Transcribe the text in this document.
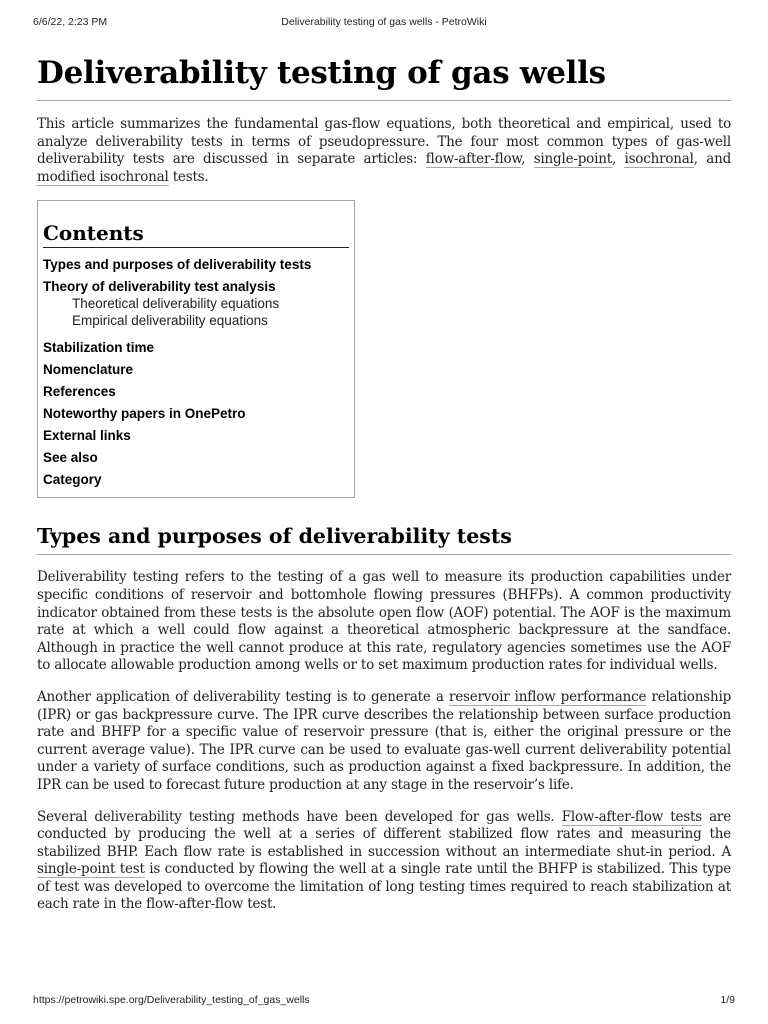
6/6/22, 2:23 PM	Deliverability testing of gas wells - PetroWiki
Deliverability testing of gas wells

This article summarizes the fundamental gas-flow equations, both theoretical and empirical, used to analyze deliverability tests in terms of pseudopressure. The four most common types of gas-well deliverability tests are discussed in separate articles: flow-after-flow, single-point, isochronal, and modified isochronal tests.

Contents
Types and purposes of deliverability tests
Theory of deliverability test analysis
Theoretical deliverability equations
Empirical deliverability equations
Stabilization time
Nomenclature
References
Noteworthy papers in OnePetro
External links
See also
Category
Types and purposes of deliverability tests

Deliverability testing refers to the testing of a gas well to measure its production capabilities under specific conditions of reservoir and bottomhole flowing pressures (BHFPs). A common productivity indicator obtained from these tests is the absolute open flow (AOF) potential. The AOF is the maximum rate at which a well could flow against a theoretical atmospheric backpressure at the sandface. Although in practice the well cannot produce at this rate, regulatory agencies sometimes use the AOF to allocate allowable production among wells or to set maximum production rates for individual wells.

Another application of deliverability testing is to generate a reservoir inflow performance relationship (IPR) or gas backpressure curve. The IPR curve describes the relationship between surface production rate and BHFP for a specific value of reservoir pressure (that is, either the original pressure or the current average value). The IPR curve can be used to evaluate gas-well current deliverability potential under a variety of surface conditions, such as production against a fixed backpressure. In addition, the IPR can be used to forecast future production at any stage in the reservoir’s life.

Several deliverability testing methods have been developed for gas wells. Flow-after-flow tests are conducted by producing the well at a series of different stabilized flow rates and measuring the stabilized BHP. Each flow rate is established in succession without an intermediate shut-in period. A single-point test is conducted by flowing the well at a single rate until the BHFP is stabilized. This type of test was developed to overcome the limitation of long testing times required to reach stabilization at each rate in the flow-after-flow test.

https://petrowiki.spe.org/Deliverability_testing_of_gas_wells	1/9
